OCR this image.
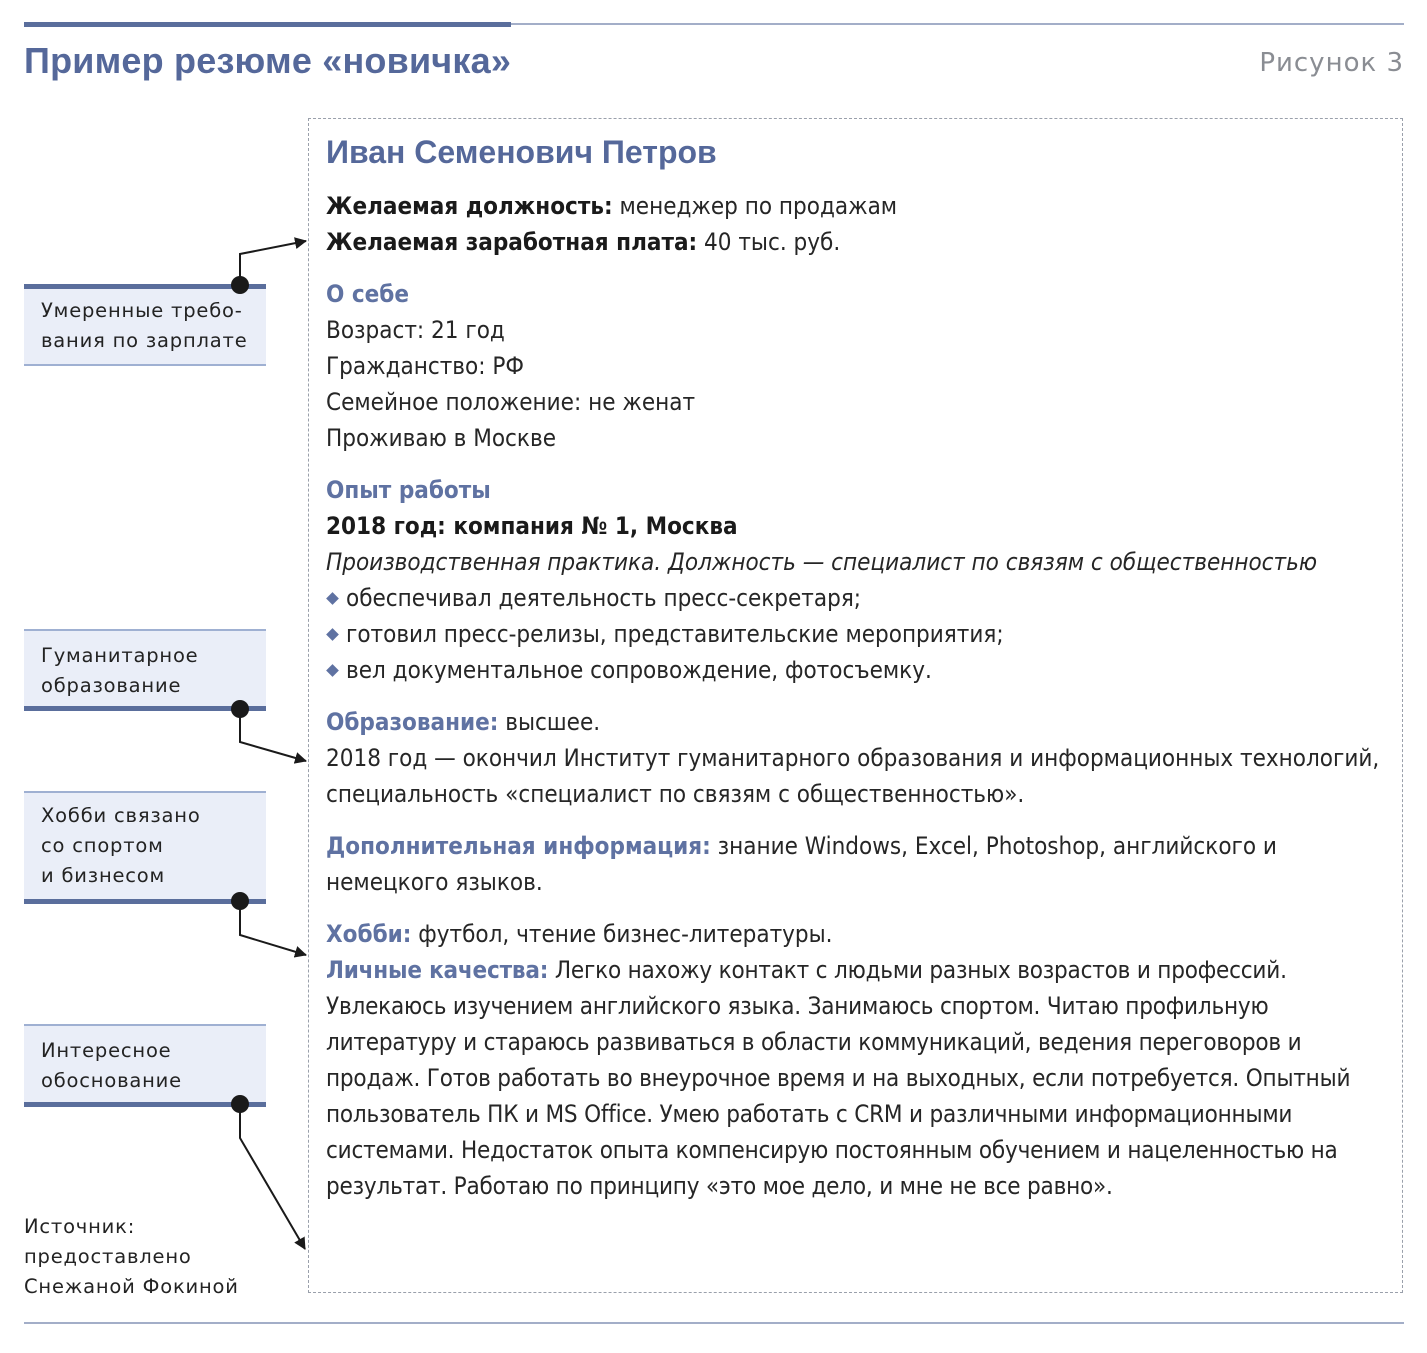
Пример резюме «новичка»	Рисунок 3
Умеренные требо-
вания по зарплате
Гуманитарное
образование
Хобби связано
со спортом
и бизнесом
Интересное
обоснование
Источник:
предоставлено
Снежаной Фокиной

Иван Семенович Петров

Желаемая должность: менеджер по продажам

Желаемая заработная плата: 40 тыс. руб.

О себе

Возраст: 21 год

Гражданство: РФ

Семейное положение: не женат

Проживаю в Москве

Опыт работы

2018 год: компания № 1, Москва

Производственная практика. Должность — специалист по связям с общественностью

обеспечивал деятельность пресс-секретаря;

готовил пресс-релизы, представительские мероприятия;

вел документальное сопровождение, фотосъемку.

Образование: высшее.

2018 год — окончил Институт гуманитарного образования и информационных технологий, специальность «специалист по связям с общественностью».

Дополнительная информация: знание Windows, Excel, Photoshop, английского и немецкого языков.

Хобби: футбол, чтение бизнес-литературы.

Личные качества: Легко нахожу контакт с людьми разных возрастов и профессий. Увлекаюсь изучением английского языка. Занимаюсь спортом. Читаю профильную литературу и стараюсь развиваться в области коммуникаций, ведения переговоров и продаж. Готов работать во внеурочное время и на выходных, если потребуется. Опытный пользователь ПК и MS Office. Умею работать с CRM и различными информационными системами. Недостаток опыта компенсирую постоянным обучением и нацеленностью на результат. Работаю по принципу «это мое дело, и мне не все равно».
